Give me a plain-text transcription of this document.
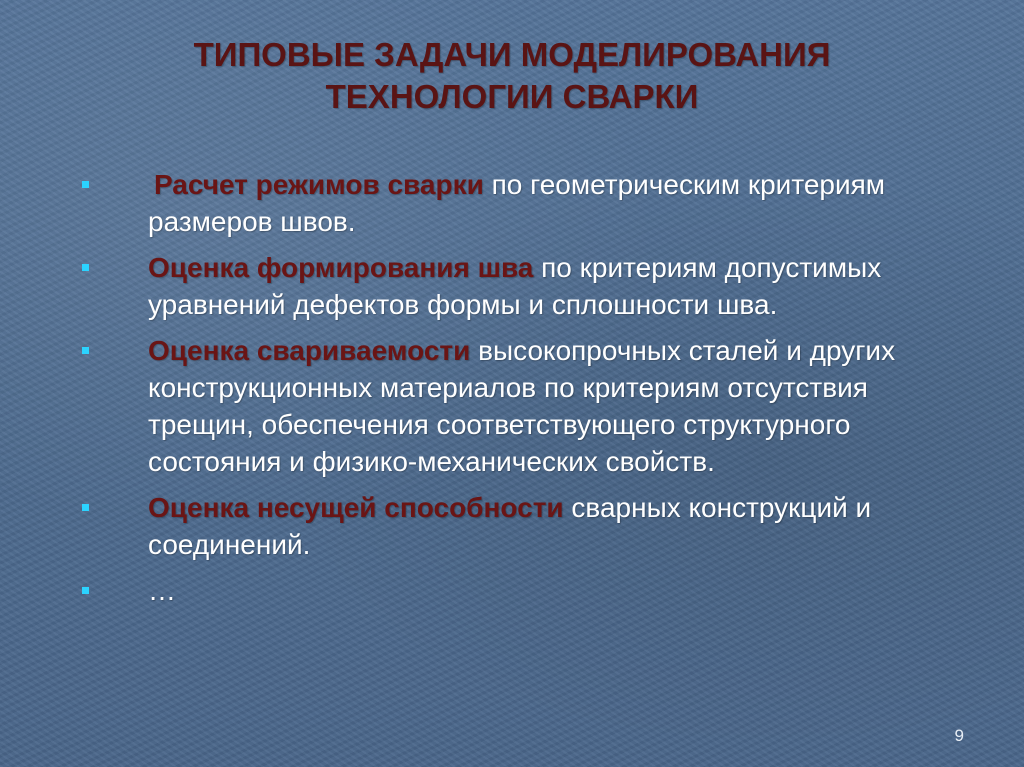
ТИПОВЫЕ ЗАДАЧИ МОДЕЛИРОВАНИЯ
ТЕХНОЛОГИИ СВАРКИ
Расчет режимов сварки по геометрическим критериям размеров швов.
Оценка формирования шва по критериям допустимых уравнений дефектов формы и сплошности шва.
Оценка свариваемости высокопрочных сталей и других конструкционных материалов по критериям отсутствия трещин, обеспечения соответствующего структурного состояния и физико-механических свойств.
Оценка несущей способности сварных конструкций и соединений.
…
9
